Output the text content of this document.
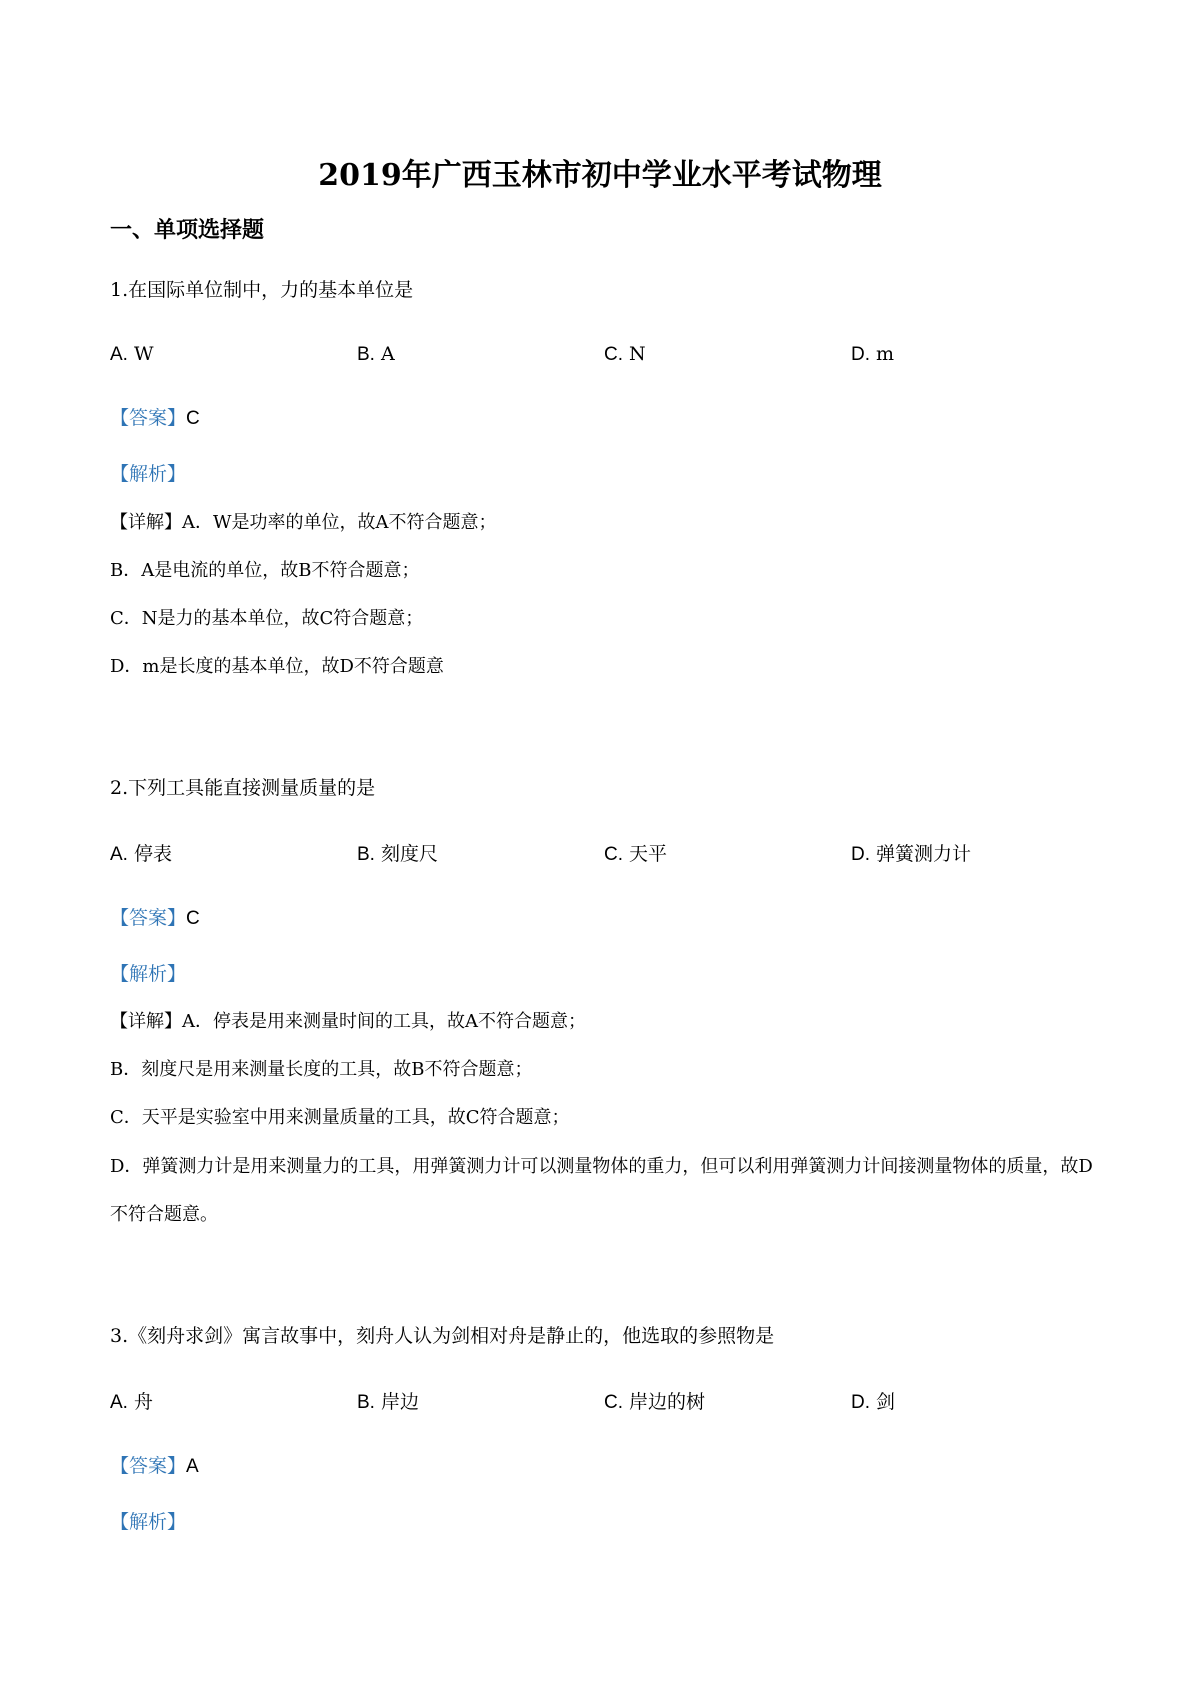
2019年广西玉林市初中学业水平考试物理
一、单项选择题
1.在国际单位制中，力的基本单位是
A. W	B. A	C. N	D. m
【答案】C
【解析】
【详解】A．W是功率的单位，故A不符合题意；
B．A是电流的单位，故B不符合题意；
C．N是力的基本单位，故C符合题意；
D．m是长度的基本单位，故D不符合题意
2.下列工具能直接测量质量的是
A. 停表	B. 刻度尺	C. 天平	D. 弹簧测力计
【答案】C
【解析】
【详解】A．停表是用来测量时间的工具，故A不符合题意；
B．刻度尺是用来测量长度的工具，故B不符合题意；
C．天平是实验室中用来测量质量的工具，故C符合题意；
D．弹簧测力计是用来测量力的工具，用弹簧测力计可以测量物体的重力，但可以利用弹簧测力计间接测量物体的质量，故D不符合题意。
3.《刻舟求剑》寓言故事中，刻舟人认为剑相对舟是静止的，他选取的参照物是
A. 舟	B. 岸边	C. 岸边的树	D. 剑
【答案】A
【解析】
